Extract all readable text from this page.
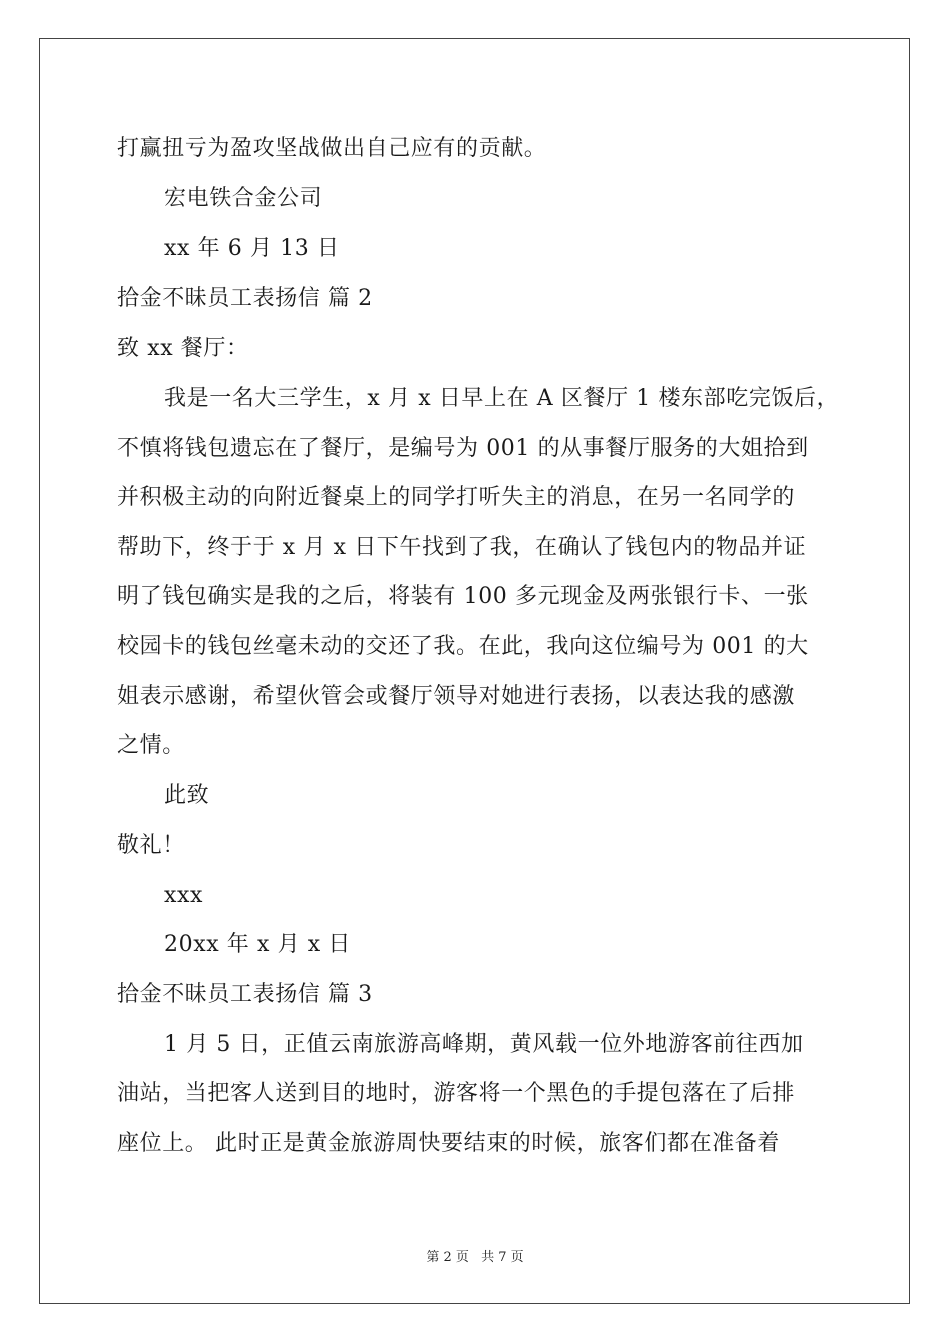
打赢扭亏为盈攻坚战做出自己应有的贡献。
宏电铁合金公司
xx 年 6 月 13 日
拾金不昧员工表扬信 篇 2
致 xx 餐厅：
我是一名大三学生，x 月 x 日早上在 A 区餐厅 1 楼东部吃完饭后，
不慎将钱包遗忘在了餐厅，是编号为 001 的从事餐厅服务的大姐拾到
并积极主动的向附近餐桌上的同学打听失主的消息，在另一名同学的
帮助下，终于于 x 月 x 日下午找到了我，在确认了钱包内的物品并证
明了钱包确实是我的之后，将装有 100 多元现金及两张银行卡、一张
校园卡的钱包丝毫未动的交还了我。在此，我向这位编号为 001 的大
姐表示感谢，希望伙管会或餐厅领导对她进行表扬，以表达我的感激
之情。
此致
敬礼！
xxx
20xx 年 x 月 x 日
拾金不昧员工表扬信 篇 3
1 月 5 日，正值云南旅游高峰期，黄风载一位外地游客前往西加
油站，当把客人送到目的地时，游客将一个黑色的手提包落在了后排
座位上。 此时正是黄金旅游周快要结束的时候，旅客们都在准备着
第 2 页 共 7 页
